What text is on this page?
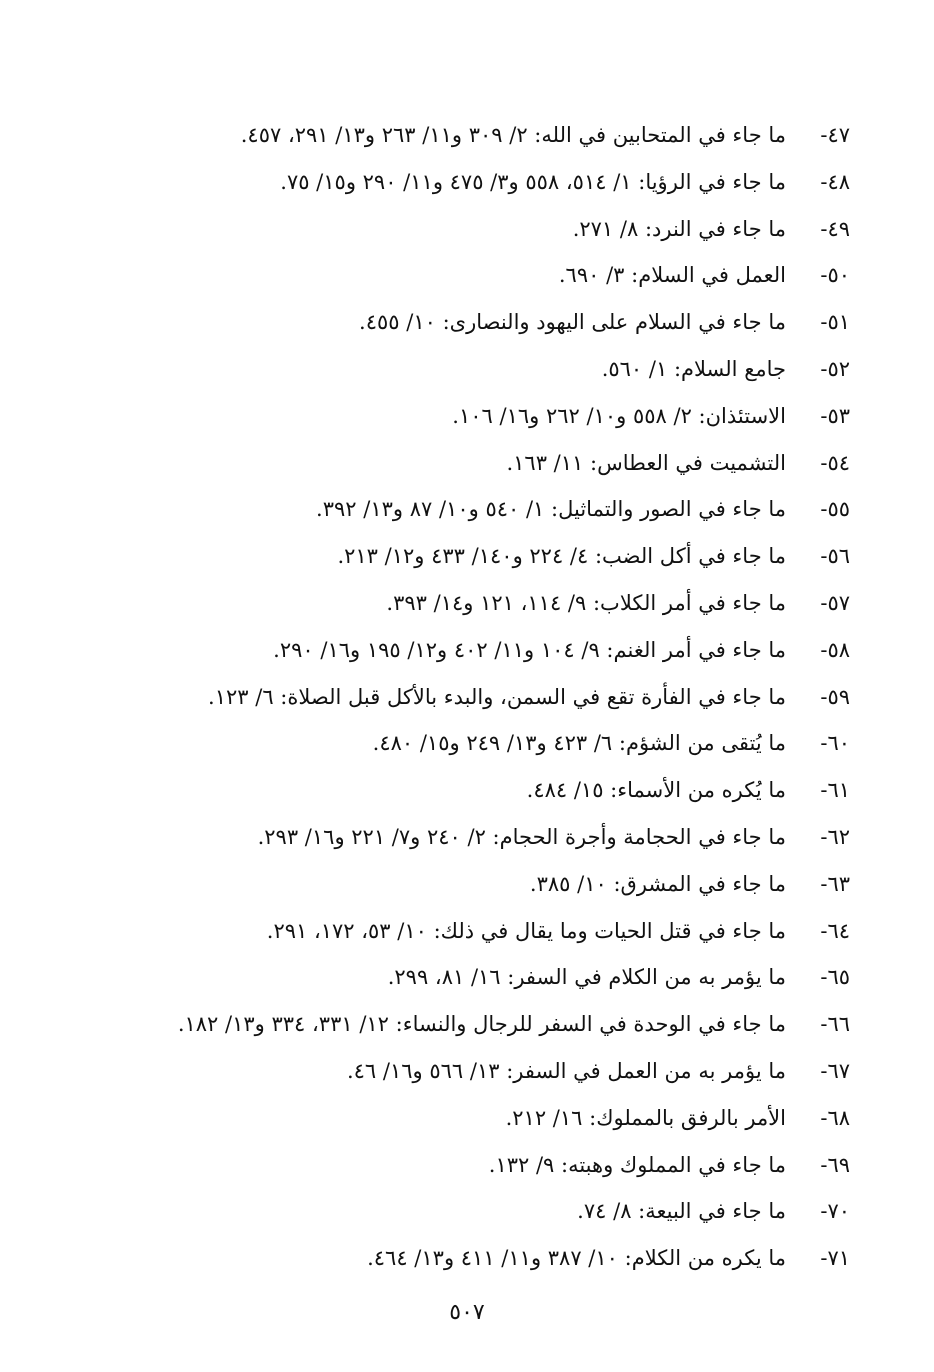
٤٧-
ما جاء في المتحابين في الله: ٢/ ٣٠٩ و١١/ ٢٦٣ و١٣/ ٢٩١، ٤٥٧.
٤٨-
ما جاء في الرؤيا: ١/ ٥١٤، ٥٥٨ و٣/ ٤٧٥ و١١/ ٢٩٠ و١٥/ ٧٥.
٤٩-
ما جاء في النرد: ٨/ ٢٧١.
٥٠-
العمل في السلام: ٣/ ٦٩٠.
٥١-
ما جاء في السلام على اليهود والنصارى: ١٠/ ٤٥٥.
٥٢-
جامع السلام: ١/ ٥٦٠.
٥٣-
الاستئذان: ٢/ ٥٥٨ و١٠/ ٢٦٢ و١٦/ ١٠٦.
٥٤-
التشميت في العطاس: ١١/ ١٦٣.
٥٥-
ما جاء في الصور والتماثيل: ١/ ٥٤٠ و١٠/ ٨٧ و١٣/ ٣٩٢.
٥٦-
ما جاء في أكل الضب: ٤/ ٢٢٤ و١٤٠/ ٤٣٣ و١٢/ ٢١٣.
٥٧-
ما جاء في أمر الكلاب: ٩/ ١١٤، ١٢١ و١٤/ ٣٩٣.
٥٨-
ما جاء في أمر الغنم: ٩/ ١٠٤ و١١/ ٤٠٢ و١٢/ ١٩٥ و١٦/ ٢٩٠.
٥٩-
ما جاء في الفأرة تقع في السمن، والبدء بالأكل قبل الصلاة: ٦/ ١٢٣.
٦٠-
ما يُتقى من الشؤم: ٦/ ٤٢٣ و١٣/ ٢٤٩ و١٥/ ٤٨٠.
٦١-
ما يُكره من الأسماء: ١٥/ ٤٨٤.
٦٢-
ما جاء في الحجامة وأجرة الحجام: ٢/ ٢٤٠ و٧/ ٢٢١ و١٦/ ٢٩٣.
٦٣-
ما جاء في المشرق: ١٠/ ٣٨٥.
٦٤-
ما جاء في قتل الحيات وما يقال في ذلك: ١٠/ ٥٣، ١٧٢، ٢٩١.
٦٥-
ما يؤمر به من الكلام في السفر: ١٦/ ٨١، ٢٩٩.
٦٦-
ما جاء في الوحدة في السفر للرجال والنساء: ١٢/ ٣٣١، ٣٣٤ و١٣/ ١٨٢.
٦٧-
ما يؤمر به من العمل في السفر: ١٣/ ٥٦٦ و١٦/ ٤٦.
٦٨-
الأمر بالرفق بالمملوك: ١٦/ ٢١٢.
٦٩-
ما جاء في المملوك وهبته: ٩/ ١٣٢.
٧٠-
ما جاء في البيعة: ٨/ ٧٤.
٧١-
ما يكره من الكلام: ١٠/ ٣٨٧ و١١/ ٤١١ و١٣/ ٤٦٤.
٥٠٧
